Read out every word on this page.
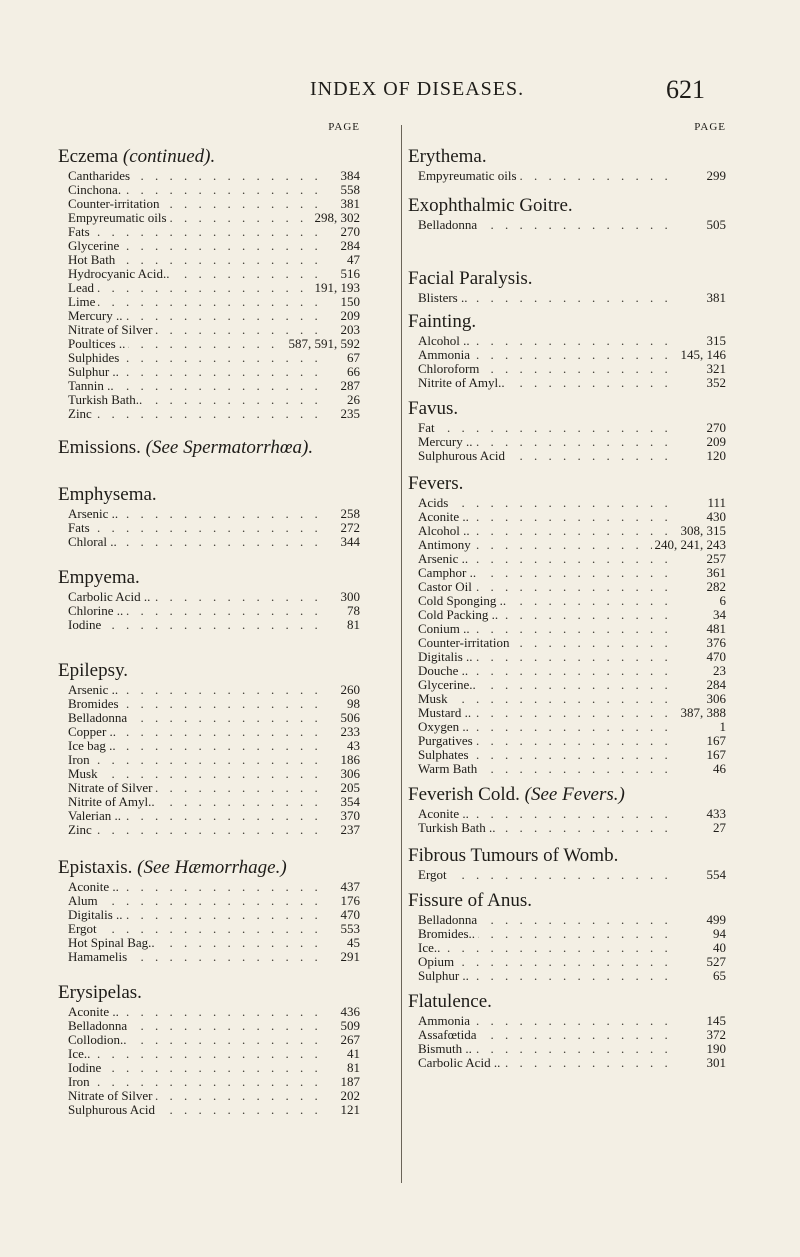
INDEX OF DISEASES.	621
PAGE
Eczema (continued).
. . .
Cantharides	384
. . .
Cinchona.	558
. . .
Counter-irritation	381
. . .
Empyreumatic oils	298, 302
. . .
Fats	270
. . .
Glycerine	284
. . .
Hot Bath	47
. . .
Hydrocyanic Acid..	516
. . .
Lead	191, 193
. . .
Lime	150
. . .
Mercury ..	209
. . .
Nitrate of Silver	203
. . .
Poultices ..	587, 591, 592
. . .
Sulphides	67
. . .
Sulphur ..	66
. . .
Tannin ..	287
. . .
Turkish Bath..	26
. . .
Zinc	235
Emissions. (See Spermatorrhœa).
Emphysema.
. . .
Arsenic ..	258
. . .
Fats	272
. . .
Chloral ..	344
Empyema.
. . .
Carbolic Acid ..	300
. . .
Chlorine ..	78
. . .
Iodine	81
Epilepsy.
. . .
Arsenic ..	260
. . .
Bromides	98
. . .
Belladonna	506
. . .
Copper ..	233
. . .
Ice bag ..	43
. . .
Iron	186
. . .
Musk	306
. . .
Nitrate of Silver	205
. . .
Nitrite of Amyl..	354
. . .
Valerian ..	370
. . .
Zinc	237
Epistaxis. (See Hæmorrhage.)
. . .
Aconite ..	437
. . .
Alum	176
. . .
Digitalis ..	470
. . .
Ergot	553
. . .
Hot Spinal Bag..	45
. . .
Hamamelis	291
Erysipelas.
. . .
Aconite ..	436
. . .
Belladonna	509
. . .
Collodion..	267
. . .
Ice..	41
. . .
Iodine	81
. . .
Iron	187
. . .
Nitrate of Silver	202
. . .
Sulphurous Acid	121
PAGE
Erythema.
. . .
Empyreumatic oils	299
Exophthalmic Goitre.
. . .
Belladonna	505
Facial Paralysis.
. . .
Blisters ..	381
Fainting.
. . .
Alcohol ..	315
. . .
Ammonia	145, 146
. . .
Chloroform	321
. . .
Nitrite of Amyl..	352
Favus.
. . .
Fat	270
. . .
Mercury ..	209
. . .
Sulphurous Acid	120
Fevers.
. . .
Acids	111
. . .
Aconite ..	430
. . .
Alcohol ..	308, 315
. . .
Antimony	240, 241, 243
. . .
Arsenic ..	257
. . .
Camphor ..	361
. . .
Castor Oil	282
. . .
Cold Sponging ..	6
. . .
Cold Packing ..	34
. . .
Conium ..	481
. . .
Counter-irritation	376
. . .
Digitalis ..	470
. . .
Douche ..	23
. . .
Glycerine..	284
. . .
Musk	306
. . .
Mustard ..	387, 388
. . .
Oxygen ..	1
. . .
Purgatives	167
. . .
Sulphates	167
. . .
Warm Bath	46
Feverish Cold. (See Fevers.)
. . .
Aconite ..	433
. . .
Turkish Bath ..	27
Fibrous Tumours of Womb.
. . .
Ergot	554
Fissure of Anus.
. . .
Belladonna	499
. . .
Bromides..	94
. . .
Ice..	40
. . .
Opium	527
. . .
Sulphur ..	65
Flatulence.
. . .
Ammonia	145
. . .
Assafœtida	372
. . .
Bismuth ..	190
. . .
Carbolic Acid ..	301
